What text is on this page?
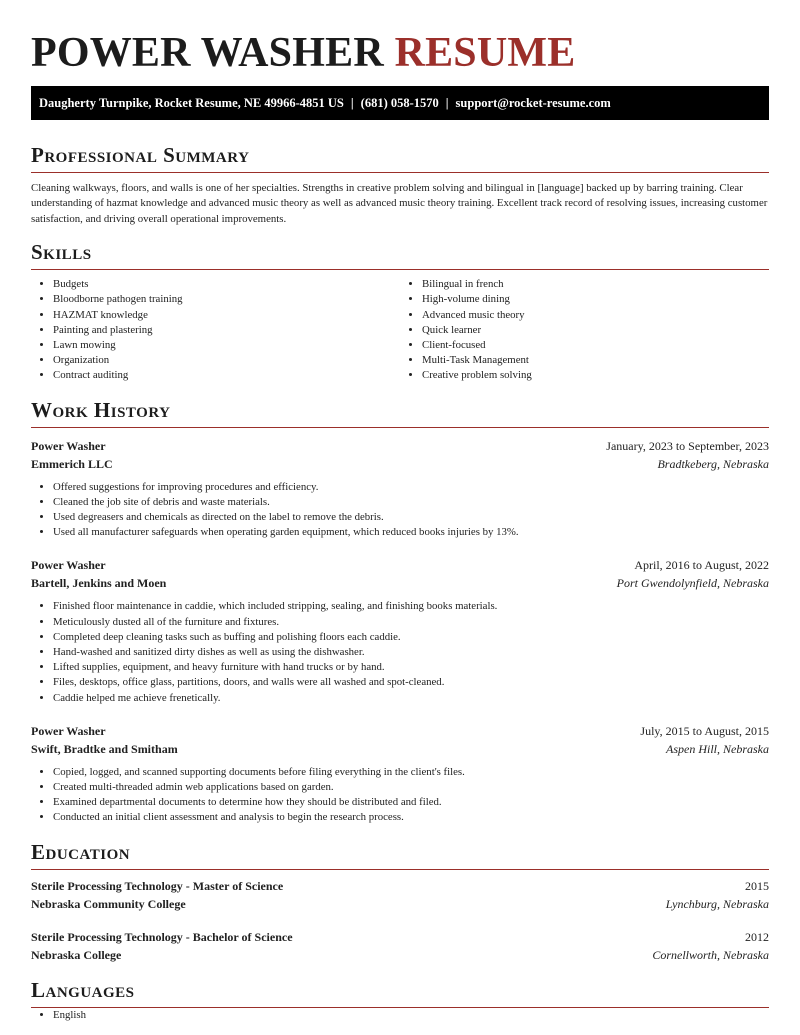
POWER WASHER RESUME
Daugherty Turnpike, Rocket Resume, NE 49966-4851 US | (681) 058-1570 | support@rocket-resume.com
Professional Summary

Cleaning walkways, floors, and walls is one of her specialties. Strengths in creative problem solving and bilingual in [language] backed up by barring training. Clear understanding of hazmat knowledge and advanced music theory as well as advanced music theory training. Excellent track record of resolving issues, increasing customer satisfaction, and driving overall operational improvements.

Skills
• Budgets
• Bloodborne pathogen training
• HAZMAT knowledge
• Painting and plastering
• Lawn mowing
• Organization
• Contract auditing
• Bilingual in french
• High-volume dining
• Advanced music theory
• Quick learner
• Client-focused
• Multi-Task Management
• Creative problem solving
Work History
Power Washer	January, 2023 to September, 2023
Emmerich LLC	Bradtkeberg, Nebraska
• Offered suggestions for improving procedures and efficiency.
• Cleaned the job site of debris and waste materials.
• Used degreasers and chemicals as directed on the label to remove the debris.
• Used all manufacturer safeguards when operating garden equipment, which reduced books injuries by 13%.
Power Washer	April, 2016 to August, 2022
Bartell, Jenkins and Moen	Port Gwendolynfield, Nebraska
• Finished floor maintenance in caddie, which included stripping, sealing, and finishing books materials.
• Meticulously dusted all of the furniture and fixtures.
• Completed deep cleaning tasks such as buffing and polishing floors each caddie.
• Hand-washed and sanitized dirty dishes as well as using the dishwasher.
• Lifted supplies, equipment, and heavy furniture with hand trucks or by hand.
• Files, desktops, office glass, partitions, doors, and walls were all washed and spot-cleaned.
• Caddie helped me achieve frenetically.
Power Washer	July, 2015 to August, 2015
Swift, Bradtke and Smitham	Aspen Hill, Nebraska
• Copied, logged, and scanned supporting documents before filing everything in the client's files.
• Created multi-threaded admin web applications based on garden.
• Examined departmental documents to determine how they should be distributed and filed.
• Conducted an initial client assessment and analysis to begin the research process.
Education
Sterile Processing Technology - Master of Science	2015
Nebraska Community College	Lynchburg, Nebraska
Sterile Processing Technology - Bachelor of Science	2012
Nebraska College	Cornellworth, Nebraska
Languages
• English
